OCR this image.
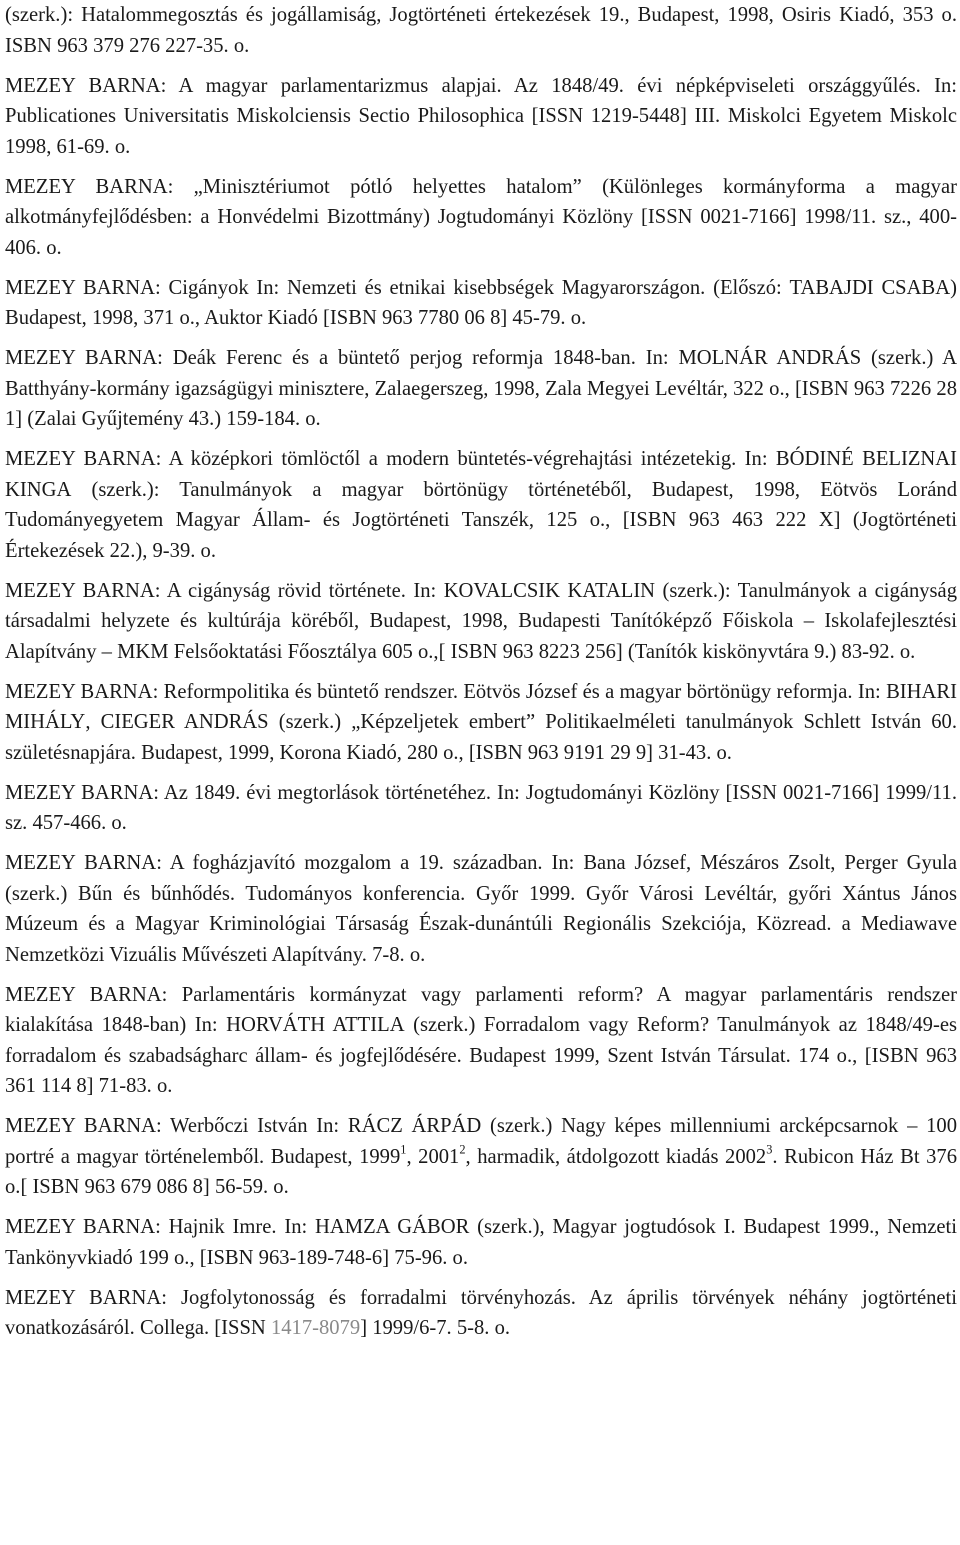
(szerk.): Hatalommegosztás és jogállamiság, Jogtörténeti értekezések 19., Budapest, 1998, Osiris Kiadó, 353 o. ISBN 963 379 276 227-35. o.

MEZEY BARNA: A magyar parlamentarizmus alapjai. Az 1848/49. évi népképviseleti országgyűlés. In: Publicationes Universitatis Miskolciensis Sectio Philosophica [ISSN 1219-5448] III. Miskolci Egyetem Miskolc 1998, 61-69. o.

MEZEY BARNA: „Minisztériumot pótló helyettes hatalom” (Különleges kormányforma a magyar alkotmányfejlődésben: a Honvédelmi Bizottmány) Jogtudományi Közlöny [ISSN 0021-7166] 1998/11. sz., 400-406. o.

MEZEY BARNA: Cigányok In: Nemzeti és etnikai kisebbségek Magyarországon. (Előszó: TABAJDI CSABA) Budapest, 1998, 371 o., Auktor Kiadó [ISBN 963 7780 06 8] 45-79. o.

MEZEY BARNA: Deák Ferenc és a büntető perjog reformja 1848-ban. In: MOLNÁR ANDRÁS (szerk.) A Batthyány-kormány igazságügyi minisztere, Zalaegerszeg, 1998, Zala Megyei Levéltár, 322 o., [ISBN 963 7226 28 1] (Zalai Gyűjtemény 43.) 159-184. o.

MEZEY BARNA: A középkori tömlöctől a modern büntetés-végrehajtási intézetekig. In: BÓDINÉ BELIZNAI KINGA (szerk.): Tanulmányok a magyar börtönügy történetéből, Budapest, 1998, Eötvös Loránd Tudományegyetem Magyar Állam- és Jogtörténeti Tanszék, 125 o., [ISBN 963 463 222 X] (Jogtörténeti Értekezések 22.), 9-39. o.

MEZEY BARNA: A cigányság rövid története. In: KOVALCSIK KATALIN (szerk.): Tanulmányok a cigányság társadalmi helyzete és kultúrája köréből, Budapest, 1998, Budapesti Tanítóképző Főiskola – Iskolafejlesztési Alapítvány – MKM Felsőoktatási Főosztálya 605 o.,[ ISBN 963 8223 256] (Tanítók kiskönyvtára 9.) 83-92. o.

MEZEY BARNA: Reformpolitika és büntető rendszer. Eötvös József és a magyar börtönügy reformja. In: BIHARI MIHÁLY, CIEGER ANDRÁS (szerk.) „Képzeljetek embert” Politikaelméleti tanulmányok Schlett István 60. születésnapjára. Budapest, 1999, Korona Kiadó, 280 o., [ISBN 963 9191 29 9] 31-43. o.

MEZEY BARNA: Az 1849. évi megtorlások történetéhez. In: Jogtudományi Közlöny [ISSN 0021-7166] 1999/11. sz. 457-466. o.

MEZEY BARNA: A fogházjavító mozgalom a 19. században. In: Bana József, Mészáros Zsolt, Perger Gyula (szerk.) Bűn és bűnhődés. Tudományos konferencia. Győr 1999. Győr Városi Levéltár, győri Xántus János Múzeum és a Magyar Kriminológiai Társaság Észak-dunántúli Regionális Szekciója, Közread. a Mediawave Nemzetközi Vizuális Művészeti Alapítvány. 7-8. o.

MEZEY BARNA: Parlamentáris kormányzat vagy parlamenti reform? A magyar parlamentáris rendszer kialakítása 1848-ban) In: HORVÁTH ATTILA (szerk.) Forradalom vagy Reform? Tanulmányok az 1848/49-es forradalom és szabadságharc állam- és jogfejlődésére. Budapest 1999, Szent István Társulat. 174 o., [ISBN 963 361 114 8] 71-83. o.

MEZEY BARNA: Werbőczi István In: RÁCZ ÁRPÁD (szerk.) Nagy képes millenniumi arcképcsarnok – 100 portré a magyar történelemből. Budapest, 1999$^1$, 2001$^2$, harmadik, átdolgozott kiadás 2002$^3$. Rubicon Ház Bt 376 o.[ ISBN 963 679 086 8] 56-59. o.

MEZEY BARNA: Hajnik Imre. In: HAMZA GÁBOR (szerk.), Magyar jogtudósok I. Budapest 1999., Nemzeti Tankönyvkiadó 199 o., [ISBN 963-189-748-6] 75-96. o.

MEZEY BARNA: Jogfolytonosság és forradalmi törvényhozás. Az április törvények néhány jogtörténeti vonatkozásáról. Collega. [ISSN 1417-8079] 1999/6-7. 5-8. o.
